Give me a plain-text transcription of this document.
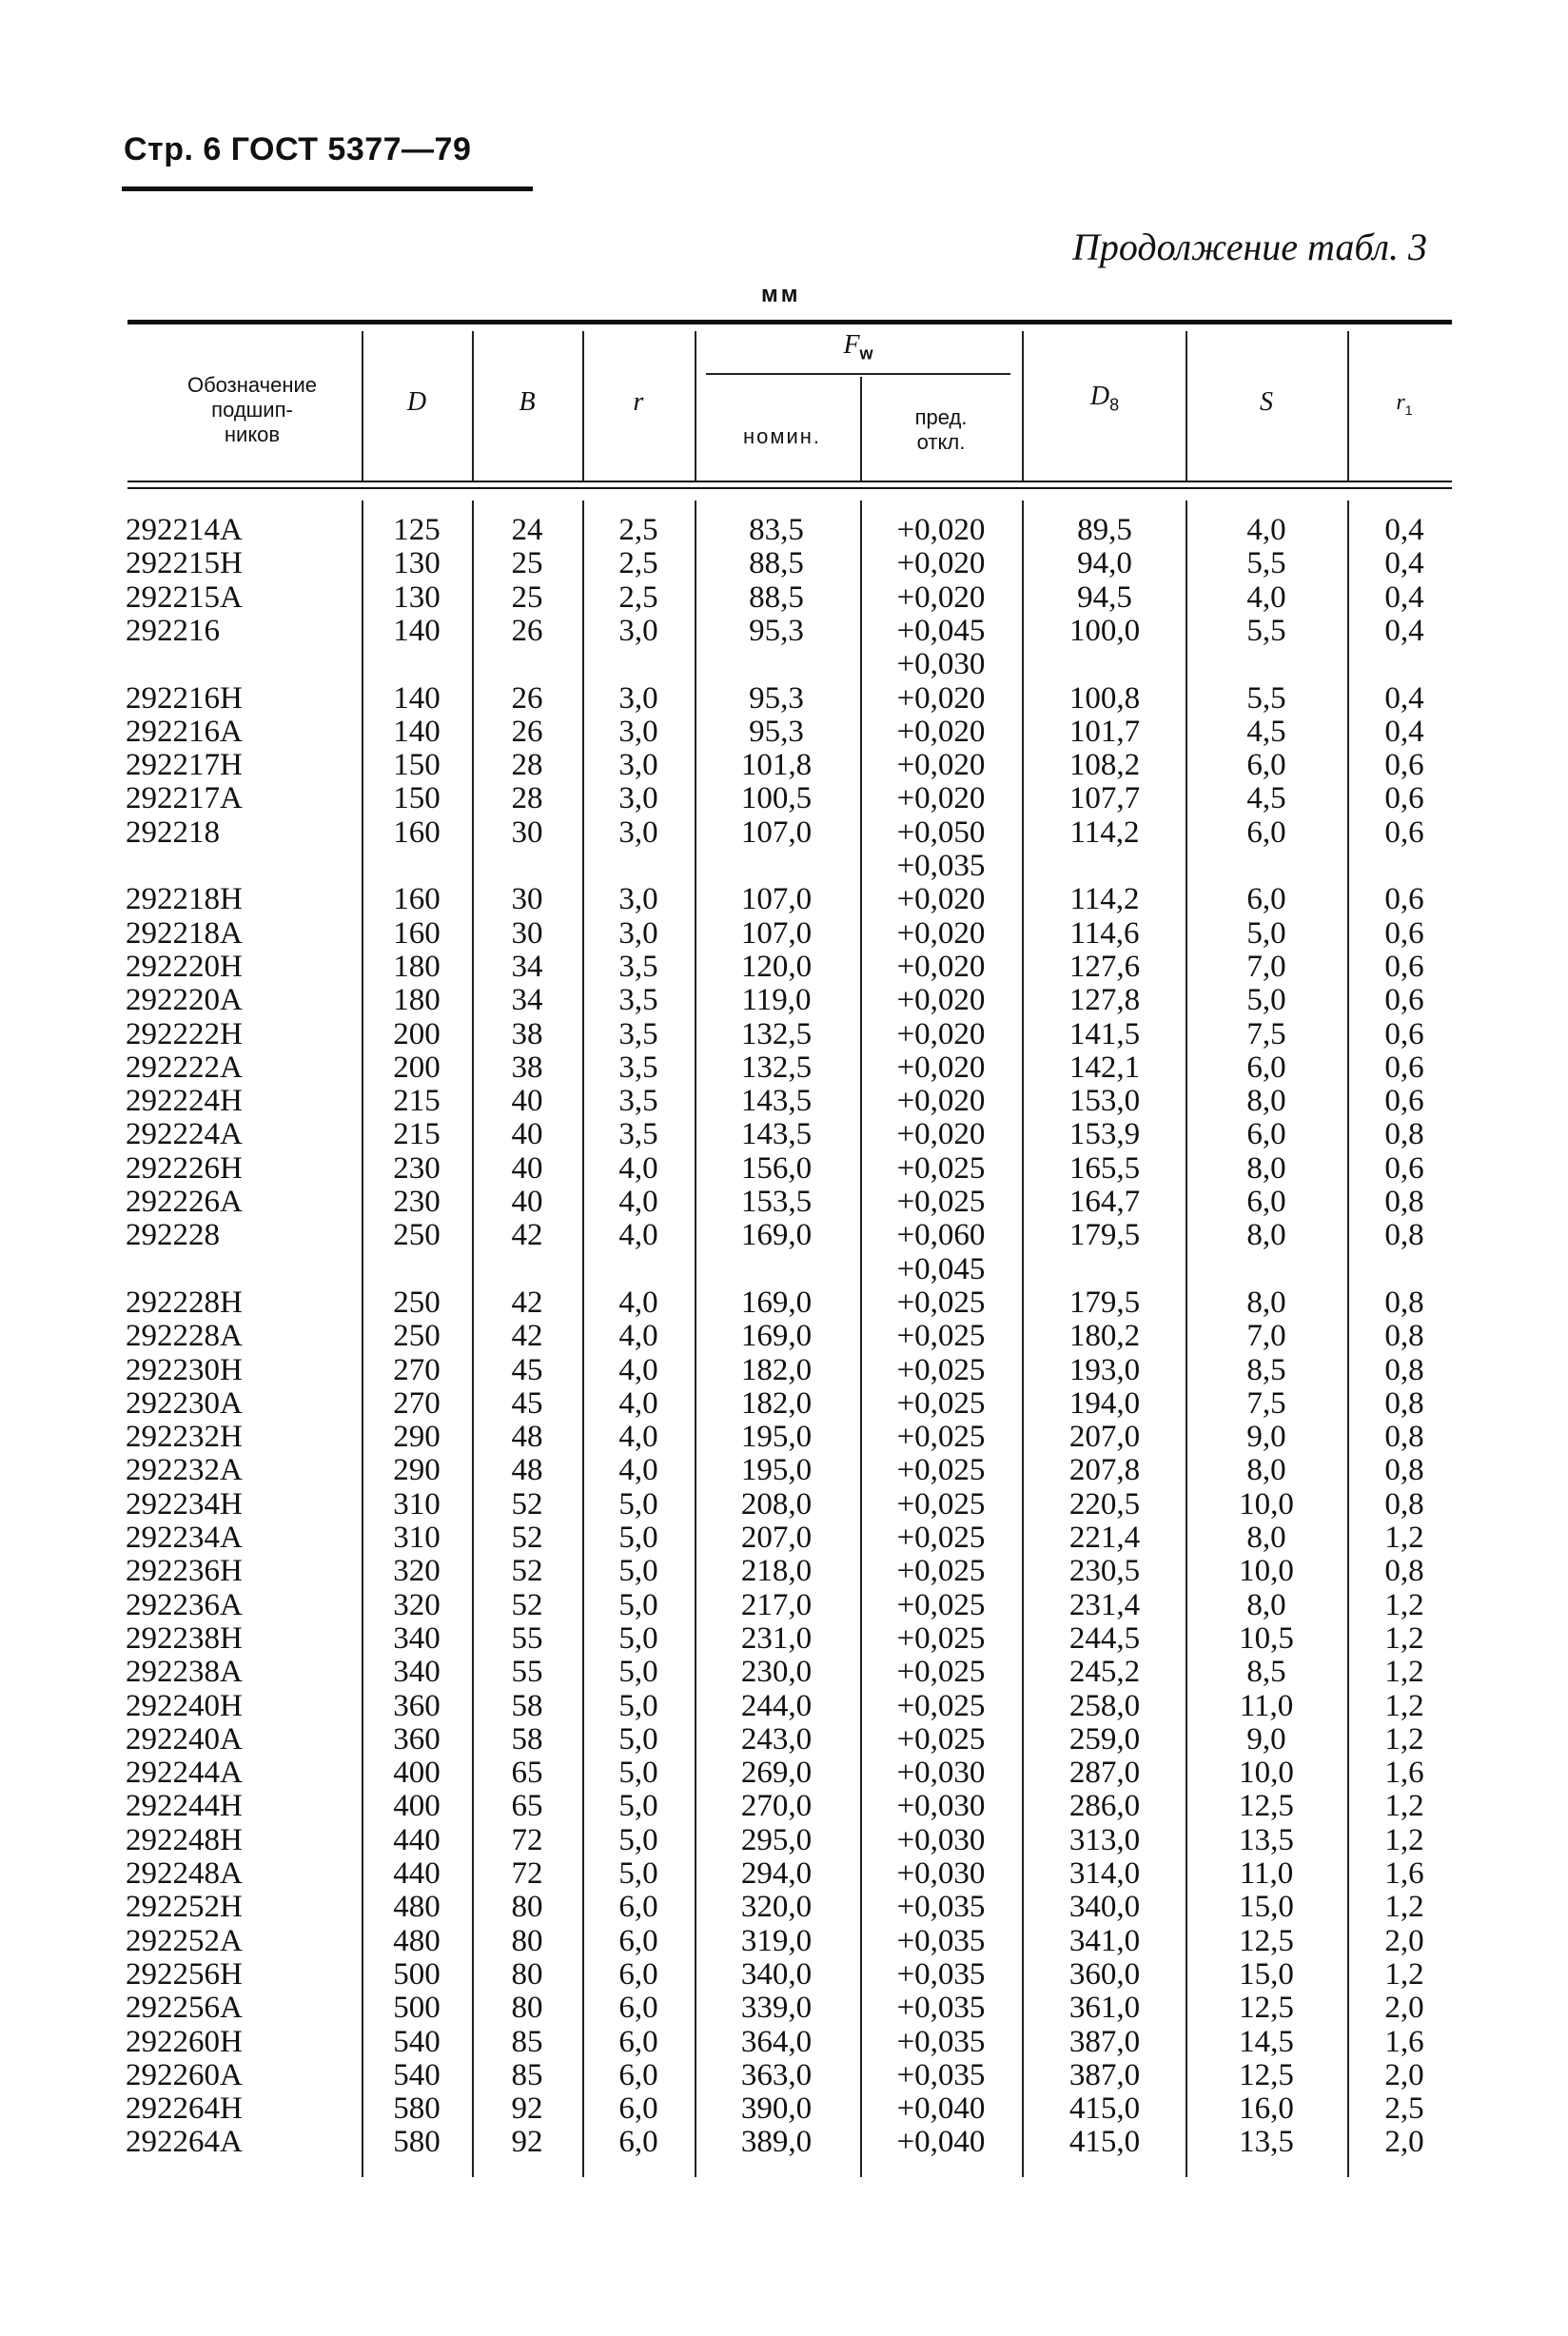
Стр. 6 ГОСТ 5377—79
Продолжение табл. 3
мм
Обозначение
подшип-
ников
D	B	r
$F_w$
номин.
пред.
откл.
$D_8$	S	$r_1$
292214А	125	24	2,5	83,5	+0,020	89,5	4,0	0,4
292215Н	130	25	2,5	88,5	+0,020	94,0	5,5	0,4
292215А	130	25	2,5	88,5	+0,020	94,5	4,0	0,4
292216	140	26	3,0	95,3	+0,045	100,0	5,5	0,4
+0,030
292216Н	140	26	3,0	95,3	+0,020	100,8	5,5	0,4
292216А	140	26	3,0	95,3	+0,020	101,7	4,5	0,4
292217Н	150	28	3,0	101,8	+0,020	108,2	6,0	0,6
292217А	150	28	3,0	100,5	+0,020	107,7	4,5	0,6
292218	160	30	3,0	107,0	+0,050	114,2	6,0	0,6
+0,035
292218Н	160	30	3,0	107,0	+0,020	114,2	6,0	0,6
292218А	160	30	3,0	107,0	+0,020	114,6	5,0	0,6
292220Н	180	34	3,5	120,0	+0,020	127,6	7,0	0,6
292220А	180	34	3,5	119,0	+0,020	127,8	5,0	0,6
292222Н	200	38	3,5	132,5	+0,020	141,5	7,5	0,6
292222А	200	38	3,5	132,5	+0,020	142,1	6,0	0,6
292224Н	215	40	3,5	143,5	+0,020	153,0	8,0	0,6
292224А	215	40	3,5	143,5	+0,020	153,9	6,0	0,8
292226Н	230	40	4,0	156,0	+0,025	165,5	8,0	0,6
292226А	230	40	4,0	153,5	+0,025	164,7	6,0	0,8
292228	250	42	4,0	169,0	+0,060	179,5	8,0	0,8
+0,045
292228Н	250	42	4,0	169,0	+0,025	179,5	8,0	0,8
292228А	250	42	4,0	169,0	+0,025	180,2	7,0	0,8
292230Н	270	45	4,0	182,0	+0,025	193,0	8,5	0,8
292230А	270	45	4,0	182,0	+0,025	194,0	7,5	0,8
292232Н	290	48	4,0	195,0	+0,025	207,0	9,0	0,8
292232А	290	48	4,0	195,0	+0,025	207,8	8,0	0,8
292234Н	310	52	5,0	208,0	+0,025	220,5	10,0	0,8
292234А	310	52	5,0	207,0	+0,025	221,4	8,0	1,2
292236Н	320	52	5,0	218,0	+0,025	230,5	10,0	0,8
292236А	320	52	5,0	217,0	+0,025	231,4	8,0	1,2
292238Н	340	55	5,0	231,0	+0,025	244,5	10,5	1,2
292238А	340	55	5,0	230,0	+0,025	245,2	8,5	1,2
292240Н	360	58	5,0	244,0	+0,025	258,0	11,0	1,2
292240А	360	58	5,0	243,0	+0,025	259,0	9,0	1,2
292244А	400	65	5,0	269,0	+0,030	287,0	10,0	1,6
292244Н	400	65	5,0	270,0	+0,030	286,0	12,5	1,2
292248Н	440	72	5,0	295,0	+0,030	313,0	13,5	1,2
292248А	440	72	5,0	294,0	+0,030	314,0	11,0	1,6
292252Н	480	80	6,0	320,0	+0,035	340,0	15,0	1,2
292252А	480	80	6,0	319,0	+0,035	341,0	12,5	2,0
292256Н	500	80	6,0	340,0	+0,035	360,0	15,0	1,2
292256А	500	80	6,0	339,0	+0,035	361,0	12,5	2,0
292260Н	540	85	6,0	364,0	+0,035	387,0	14,5	1,6
292260А	540	85	6,0	363,0	+0,035	387,0	12,5	2,0
292264Н	580	92	6,0	390,0	+0,040	415,0	16,0	2,5
292264А	580	92	6,0	389,0	+0,040	415,0	13,5	2,0
